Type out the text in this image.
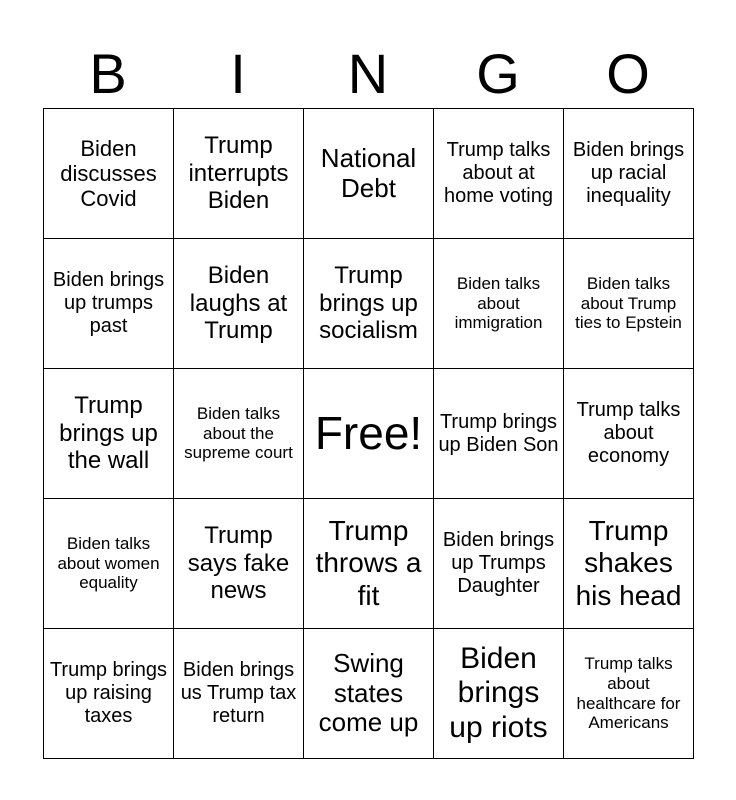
B	I	N	G	O
Biden discusses Covid	Trump interrupts Biden	National Debt	Trump talks about at home voting	Biden brings up racial inequality
Biden brings up trumps past	Biden laughs at Trump	Trump brings up socialism	Biden talks about immigration	Biden talks about Trump ties to Epstein
Trump brings up the wall	Biden talks about the supreme court	Free!	Trump brings up Biden Son	Trump talks about economy
Biden talks about women equality	Trump says fake news	Trump throws a fit	Biden brings up Trumps Daughter	Trump shakes his head
Trump brings up raising taxes	Biden brings us Trump tax return	Swing states come up	Biden brings up riots	Trump talks about healthcare for Americans
